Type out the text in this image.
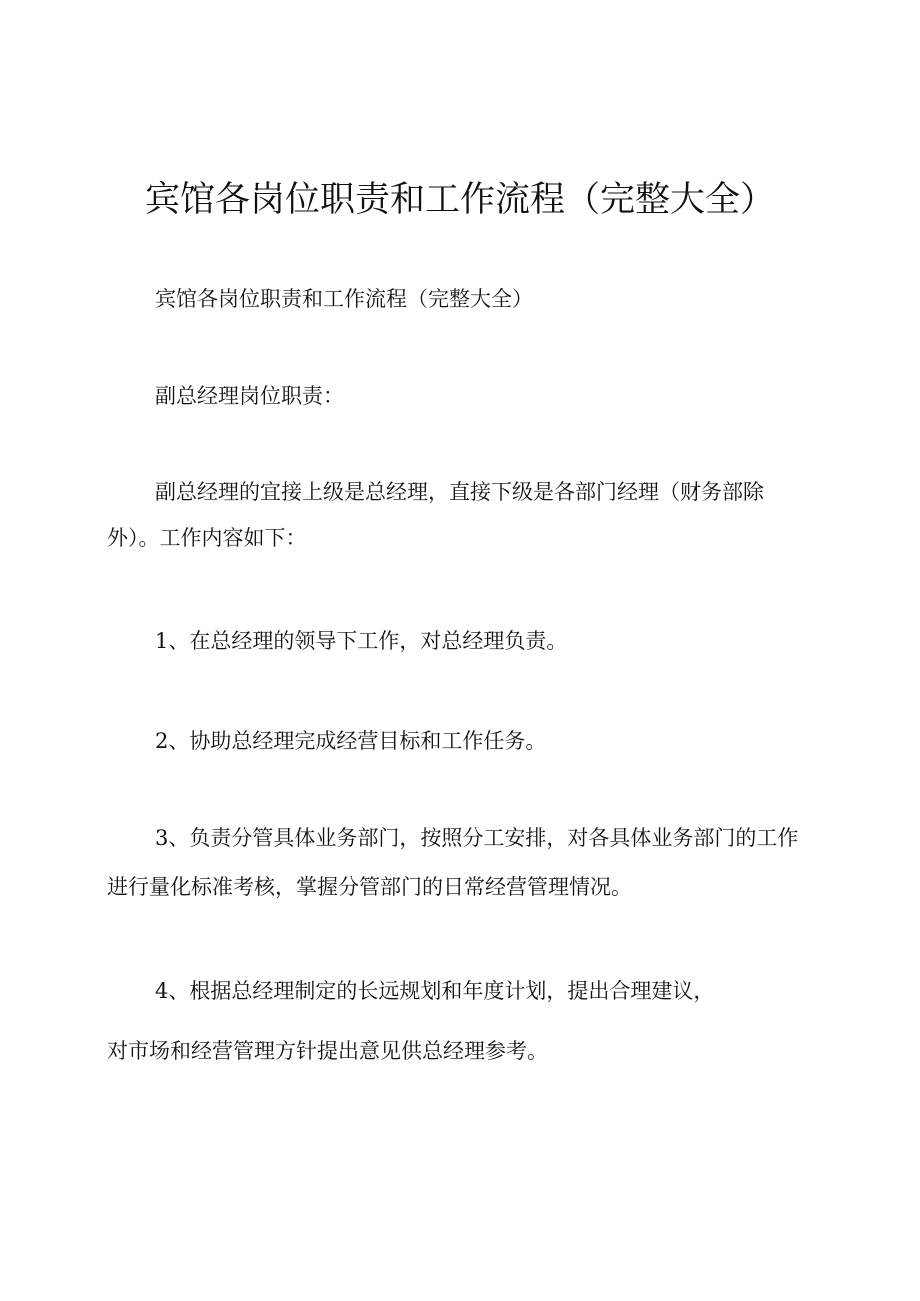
宾馆各岗位职责和工作流程（完整大全）
宾馆各岗位职责和工作流程（完整大全）
副总经理岗位职责：
副总经理的宜接上级是总经理，直接下级是各部门经理（财务部除
外）。工作内容如下：
1、在总经理的领导下工作，对总经理负责。
2、协助总经理完成经营目标和工作任务。
3、负责分管具体业务部门，按照分工安排，对各具体业务部门的工作
进行量化标准考核，掌握分管部门的日常经营管理情况。
4、根据总经理制定的长远规划和年度计划，提出合理建议，
对市场和经营管理方针提出意见供总经理参考。
